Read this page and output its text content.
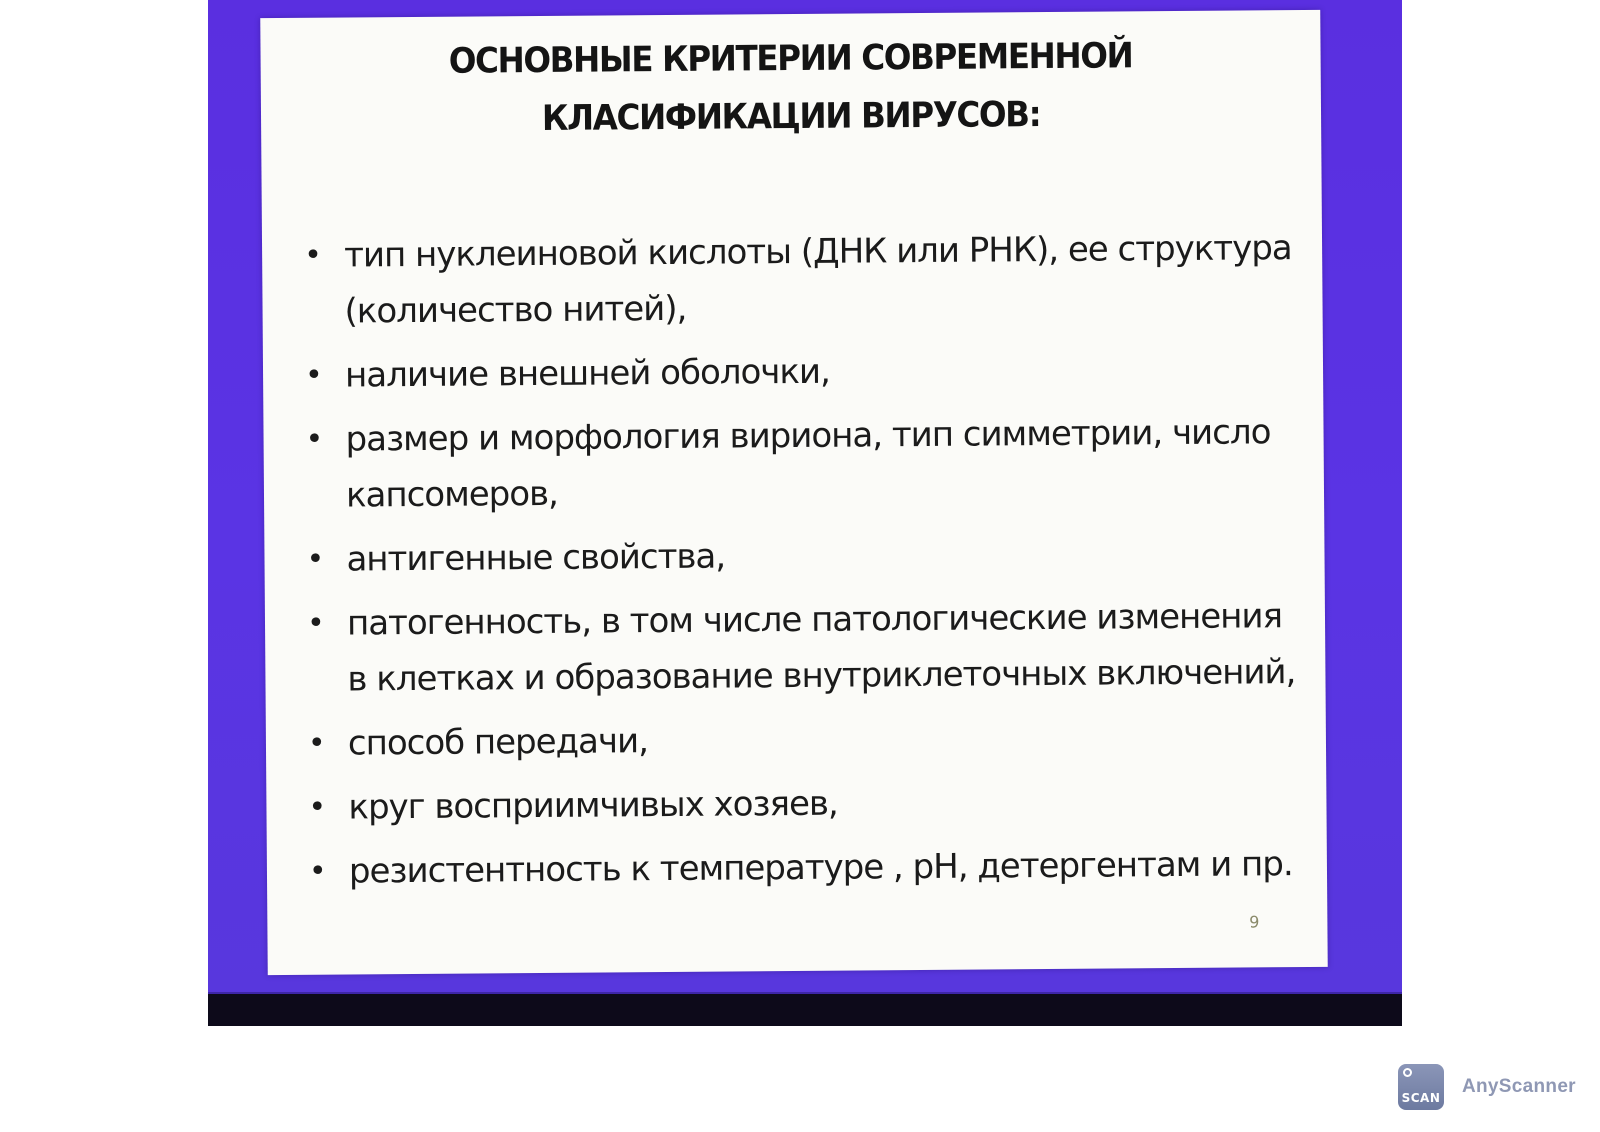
ОСНОВНЫЕ КРИТЕРИИ СОВРЕМЕННОЙ КЛАСИФИКАЦИИ ВИРУСОВ:
• тип нуклеиновой кислоты (ДНК или РНК), ее структура (количество нитей),
• наличие внешней оболочки,
• размер и морфология вириона, тип симметрии, число капсомеров,
• антигенные свойства,
• патогенность, в том числе патологические изменения в клетках и образование внутриклеточных включений,
• способ передачи,
• круг восприимчивых хозяев,
• резистентность к температуре , рН, детергентам и пр.
9
SCAN
AnyScanner
